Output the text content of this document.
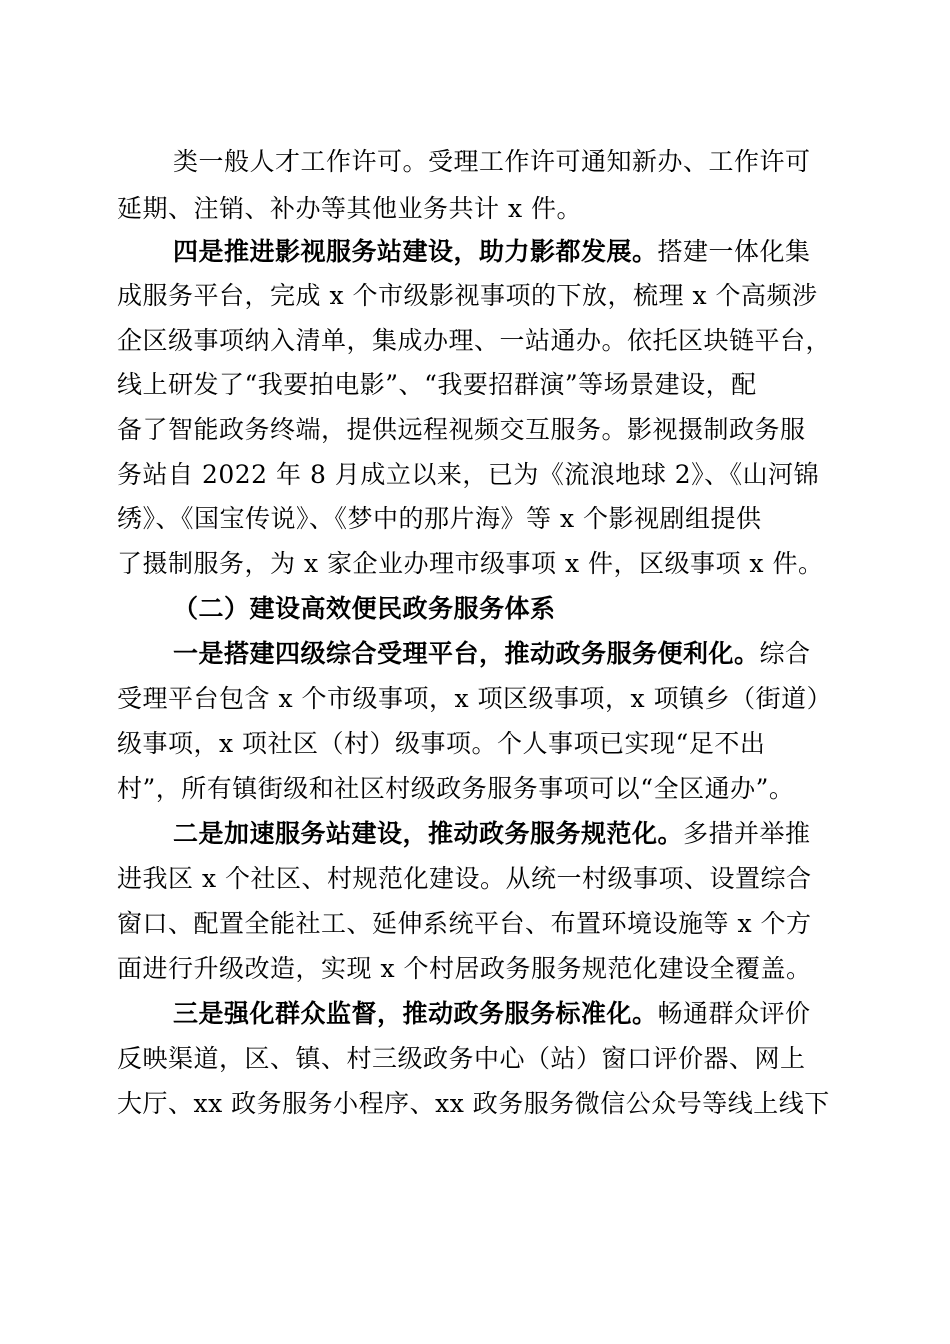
类一般人才工作许可。受理工作许可通知新办、工作许可
延期、注销、补办等其他业务共计 x 件。
四是推进影视服务站建设，助力影都发展。搭建一体化集
成服务平台，完成 x 个市级影视事项的下放，梳理 x 个高频涉
企区级事项纳入清单，集成办理、一站通办。依托区块链平台，
线上研发了“我要拍电影”、“我要招群演”等场景建设，配
备了智能政务终端，提供远程视频交互服务。影视摄制政务服
务站自 2022 年 8 月成立以来，已为《流浪地球 2》、《山河锦
绣》、《国宝传说》、《梦中的那片海》等 x 个影视剧组提供
了摄制服务，为 x 家企业办理市级事项 x 件，区级事项 x 件。
（二）建设高效便民政务服务体系
一是搭建四级综合受理平台，推动政务服务便利化。综合
受理平台包含 x 个市级事项，x 项区级事项，x 项镇乡（街道）
级事项，x 项社区（村）级事项。个人事项已实现“足不出
村”，所有镇街级和社区村级政务服务事项可以“全区通办”。
二是加速服务站建设，推动政务服务规范化。多措并举推
进我区 x 个社区、村规范化建设。从统一村级事项、设置综合
窗口、配置全能社工、延伸系统平台、布置环境设施等 x 个方
面进行升级改造，实现 x 个村居政务服务规范化建设全覆盖。
三是强化群众监督，推动政务服务标准化。畅通群众评价
反映渠道，区、镇、村三级政务中心（站）窗口评价器、网上
大厅、xx 政务服务小程序、xx 政务服务微信公众号等线上线下
